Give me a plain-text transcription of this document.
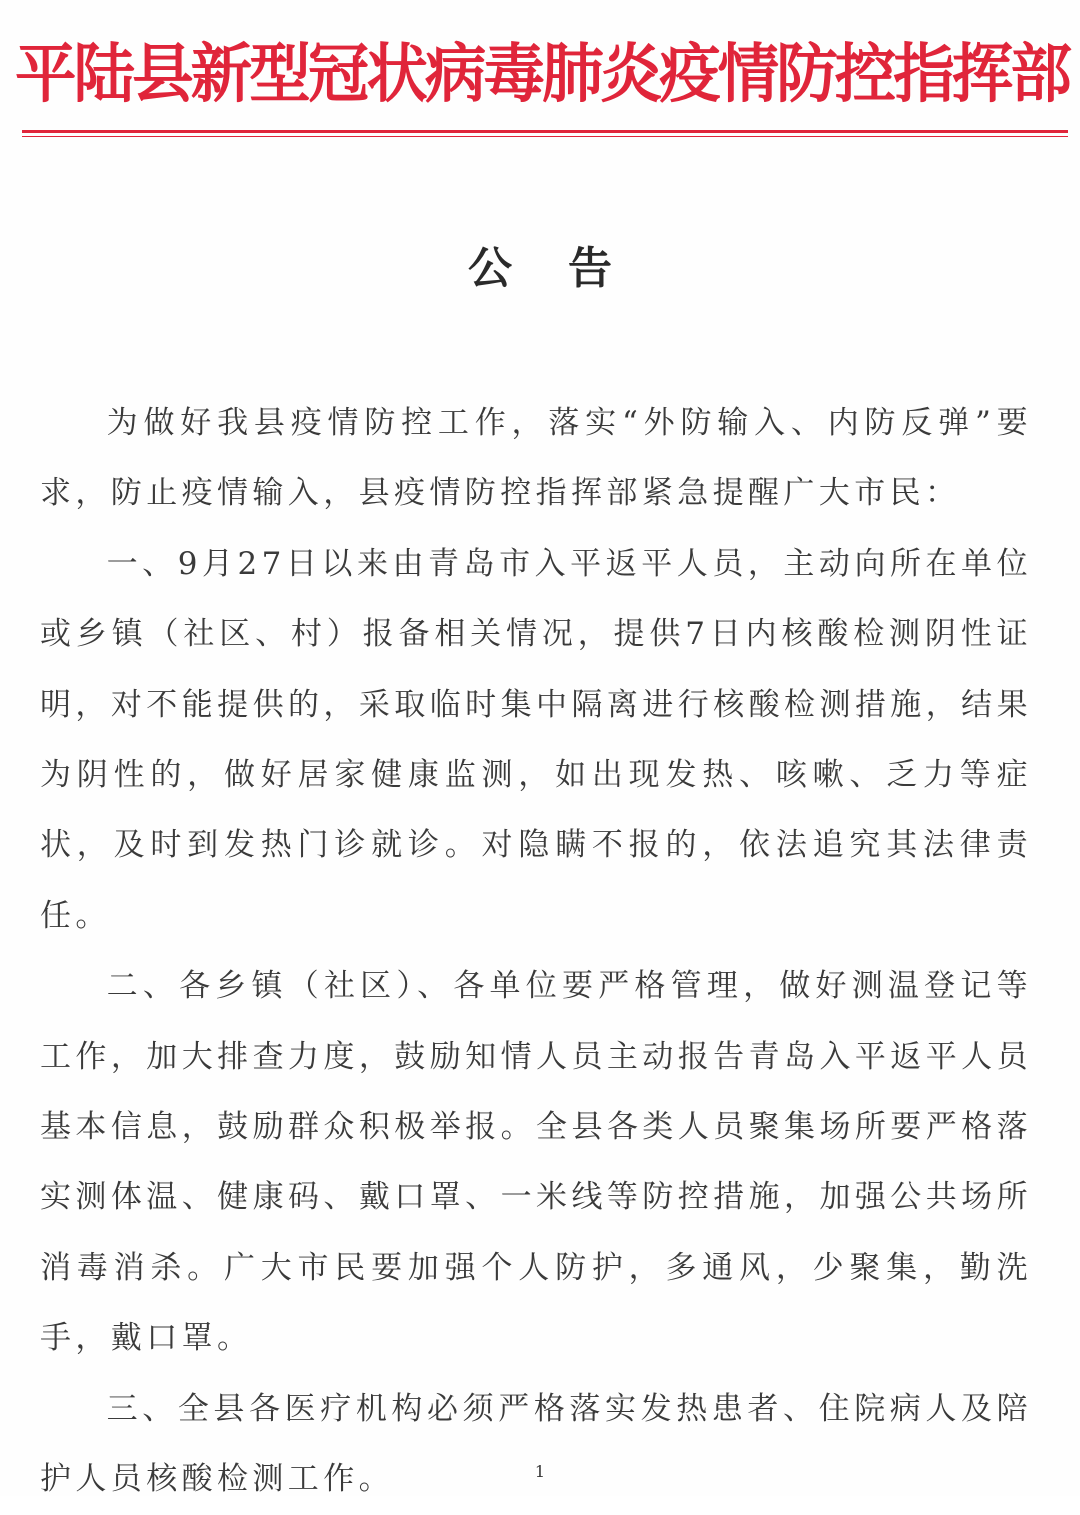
平陆县新型冠状病毒肺炎疫情防控指挥部
公告

为做好我县疫情防控工作，落实“外防输入、内防反弹”要求，防止疫情输入，县疫情防控指挥部紧急提醒广大市民：

一、9月27日以来由青岛市入平返平人员，主动向所在单位或乡镇（社区、村）报备相关情况，提供7日内核酸检测阴性证明，对不能提供的，采取临时集中隔离进行核酸检测措施，结果为阴性的，做好居家健康监测，如出现发热、咳嗽、乏力等症状，及时到发热门诊就诊。对隐瞒不报的，依法追究其法律责任。

二、各乡镇（社区）、各单位要严格管理，做好测温登记等工作，加大排查力度，鼓励知情人员主动报告青岛入平返平人员基本信息，鼓励群众积极举报。全县各类人员聚集场所要严格落实测体温、健康码、戴口罩、一米线等防控措施，加强公共场所消毒消杀。广大市民要加强个人防护，多通风，少聚集，勤洗手，戴口罩。

三、全县各医疗机构必须严格落实发热患者、住院病人及陪护人员核酸检测工作。	1
